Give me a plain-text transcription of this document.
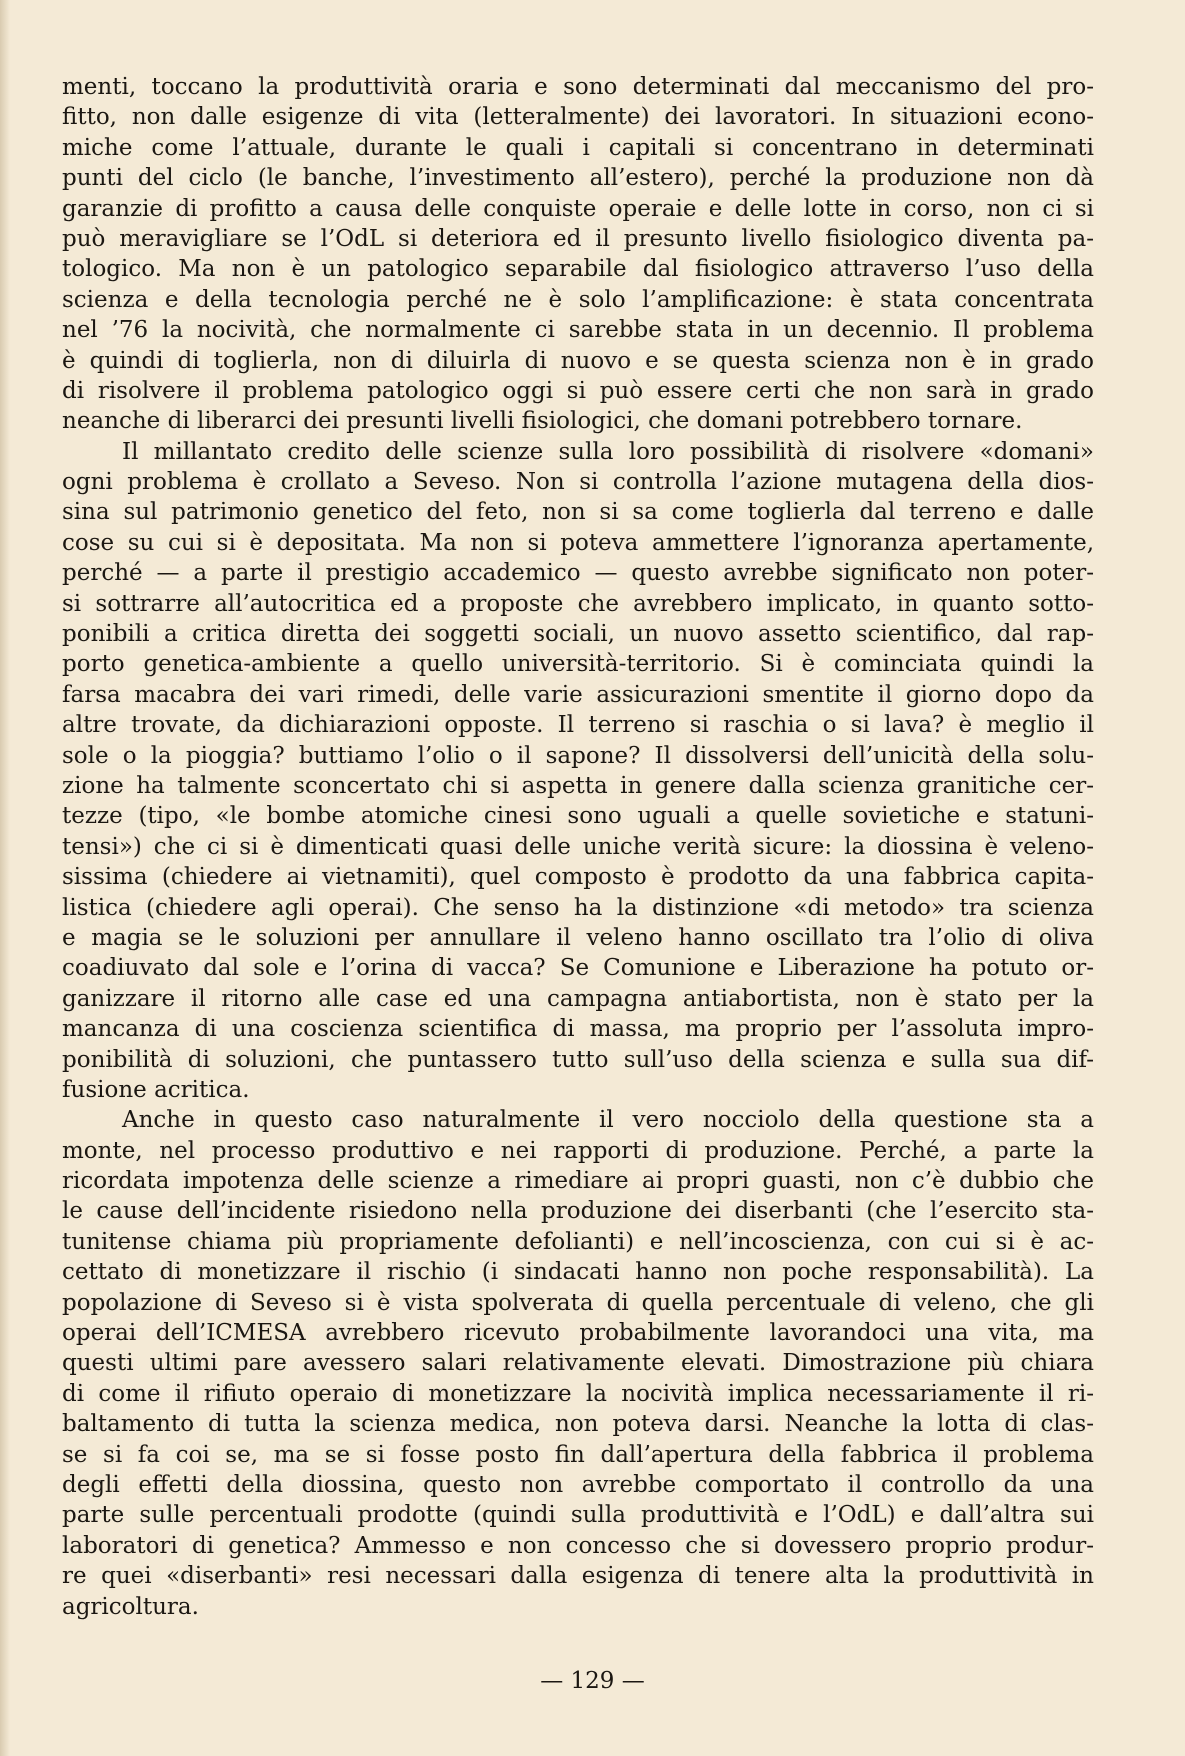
menti, toccano la produttività oraria e sono determinati dal meccanismo del pro-
fitto, non dalle esigenze di vita (letteralmente) dei lavoratori. In situazioni econo-
miche come l’attuale, durante le quali i capitali si concentrano in determinati
punti del ciclo (le banche, l’investimento all’estero), perché la produzione non dà
garanzie di profitto a causa delle conquiste operaie e delle lotte in corso, non ci si
può meravigliare se l’OdL si deteriora ed il presunto livello fisiologico diventa pa-
tologico. Ma non è un patologico separabile dal fisiologico attraverso l’uso della
scienza e della tecnologia perché ne è solo l’amplificazione: è stata concentrata
nel ’76 la nocività, che normalmente ci sarebbe stata in un decennio. Il problema
è quindi di toglierla, non di diluirla di nuovo e se questa scienza non è in grado
di risolvere il problema patologico oggi si può essere certi che non sarà in grado
neanche di liberarci dei presunti livelli fisiologici, che domani potrebbero tornare.
Il millantato credito delle scienze sulla loro possibilità di risolvere «domani»
ogni problema è crollato a Seveso. Non si controlla l’azione mutagena della dios-
sina sul patrimonio genetico del feto, non si sa come toglierla dal terreno e dalle
cose su cui si è depositata. Ma non si poteva ammettere l’ignoranza apertamente,
perché — a parte il prestigio accademico — questo avrebbe significato non poter-
si sottrarre all’autocritica ed a proposte che avrebbero implicato, in quanto sotto-
ponibili a critica diretta dei soggetti sociali, un nuovo assetto scientifico, dal rap-
porto genetica-ambiente a quello università-territorio. Si è cominciata quindi la
farsa macabra dei vari rimedi, delle varie assicurazioni smentite il giorno dopo da
altre trovate, da dichiarazioni opposte. Il terreno si raschia o si lava? è meglio il
sole o la pioggia? buttiamo l’olio o il sapone? Il dissolversi dell’unicità della solu-
zione ha talmente sconcertato chi si aspetta in genere dalla scienza granitiche cer-
tezze (tipo, «le bombe atomiche cinesi sono uguali a quelle sovietiche e statuni-
tensi») che ci si è dimenticati quasi delle uniche verità sicure: la diossina è veleno-
sissima (chiedere ai vietnamiti), quel composto è prodotto da una fabbrica capita-
listica (chiedere agli operai). Che senso ha la distinzione «di metodo» tra scienza
e magia se le soluzioni per annullare il veleno hanno oscillato tra l’olio di oliva
coadiuvato dal sole e l’orina di vacca? Se Comunione e Liberazione ha potuto or-
ganizzare il ritorno alle case ed una campagna antiabortista, non è stato per la
mancanza di una coscienza scientifica di massa, ma proprio per l’assoluta impro-
ponibilità di soluzioni, che puntassero tutto sull’uso della scienza e sulla sua dif-
fusione acritica.
Anche in questo caso naturalmente il vero nocciolo della questione sta a
monte, nel processo produttivo e nei rapporti di produzione. Perché, a parte la
ricordata impotenza delle scienze a rimediare ai propri guasti, non c’è dubbio che
le cause dell’incidente risiedono nella produzione dei diserbanti (che l’esercito sta-
tunitense chiama più propriamente defolianti) e nell’incoscienza, con cui si è ac-
cettato di monetizzare il rischio (i sindacati hanno non poche responsabilità). La
popolazione di Seveso si è vista spolverata di quella percentuale di veleno, che gli
operai dell’ICMESA avrebbero ricevuto probabilmente lavorandoci una vita, ma
questi ultimi pare avessero salari relativamente elevati. Dimostrazione più chiara
di come il rifiuto operaio di monetizzare la nocività implica necessariamente il ri-
baltamento di tutta la scienza medica, non poteva darsi. Neanche la lotta di clas-
se si fa coi se, ma se si fosse posto fin dall’apertura della fabbrica il problema
degli effetti della diossina, questo non avrebbe comportato il controllo da una
parte sulle percentuali prodotte (quindi sulla produttività e l’OdL) e dall’altra sui
laboratori di genetica? Ammesso e non concesso che si dovessero proprio produr-
re quei «diserbanti» resi necessari dalla esigenza di tenere alta la produttività in
agricoltura.
— 129 —
